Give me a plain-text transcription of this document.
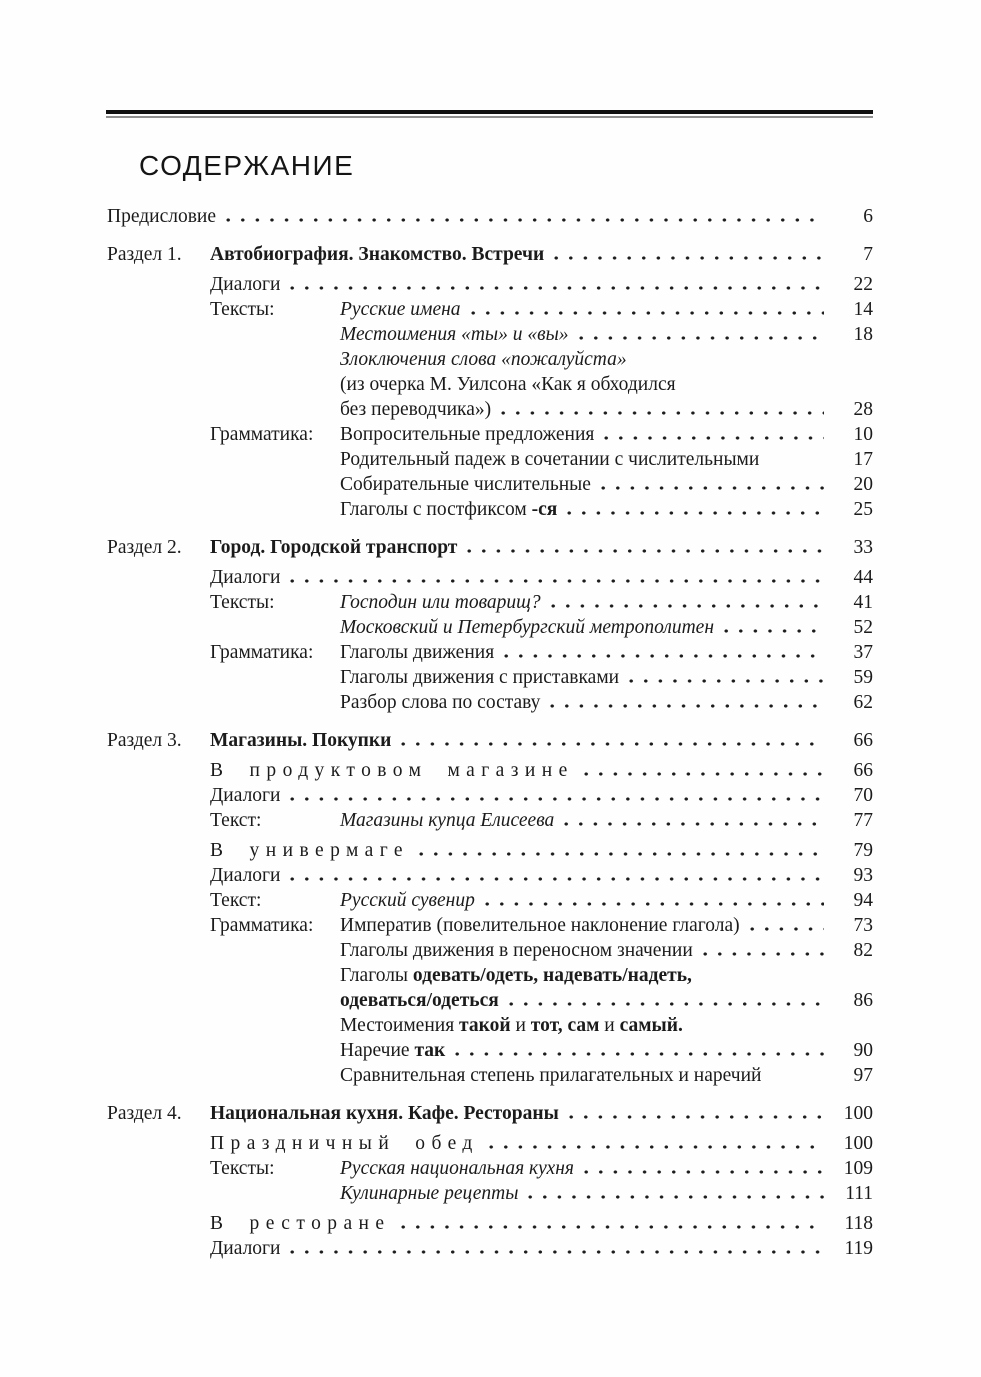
СОДЕРЖАНИЕ
Предисловие	6
Раздел 1.	Автобиография. Знакомство. Встречи	7
Диалоги	22
Тексты:	Русские имена	14
Местоимения «ты» и «вы»	18
Злоключения слова «пожалуйста»
(из очерка М. Уилсона «Как я обходился
без переводчика»)	28
Грамматика:	Вопросительные предложения	10
Родительный падеж в сочетании с числительными	17
Собирательные числительные	20
Глаголы с постфиксом -ся	25
Раздел 2.	Город. Городской транспорт	33
Диалоги	44
Тексты:	Господин или товарищ?	41
Московский и Петербургский метрополитен	52
Грамматика:	Глаголы движения	37
Глаголы движения с приставками	59
Разбор слова по составу	62
Раздел 3.	Магазины. Покупки	66
В продуктовом магазине	66
Диалоги	70
Текст:	Магазины купца Елисеева	77
В универмаге	79
Диалоги	93
Текст:	Русский сувенир	94
Грамматика:	Императив (повелительное наклонение глагола)	73
Глаголы движения в переносном значении	82
Глаголы одевать/одеть, надевать/надеть,
одеваться/одеться	86
Местоимения такой и тот, сам и самый.
Наречие так	90
Сравнительная степень прилагательных и наречий	97
Раздел 4.	Национальная кухня. Кафе. Рестораны	100
Праздничный обед	100
Тексты:	Русская национальная кухня	109
Кулинарные рецепты	111
В ресторане	118
Диалоги	119
